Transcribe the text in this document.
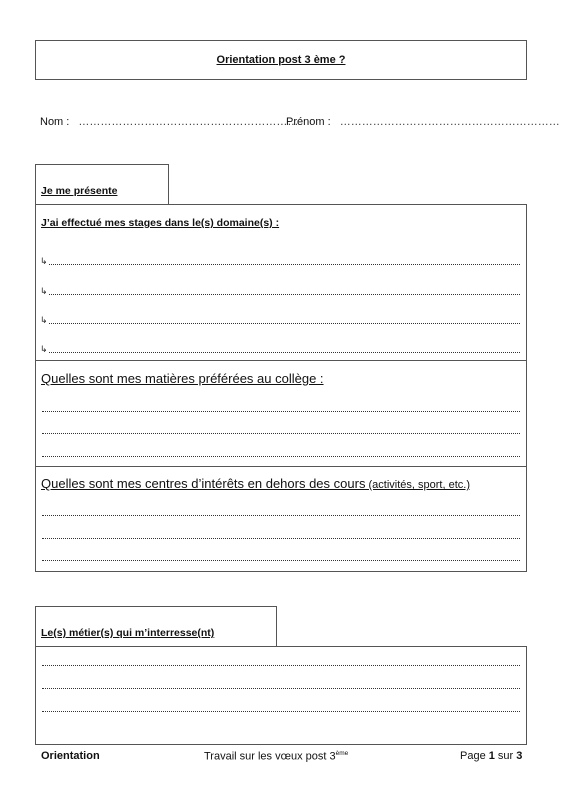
Orientation post 3 ème ?
Nom : ……………………………………………………
Prénom : ……………………………………………………
Je me présente
J’ai effectué mes stages dans le(s) domaine(s) :
↳
↳
↳
↳
Quelles sont mes matières préférées au collège :
Quelles sont mes centres d’intérêts en dehors des cours (activités, sport, etc.)
Le(s) métier(s) qui m’interresse(nt)
Orientation	Travail sur les vœux post 3ème	Page 1 sur 3
